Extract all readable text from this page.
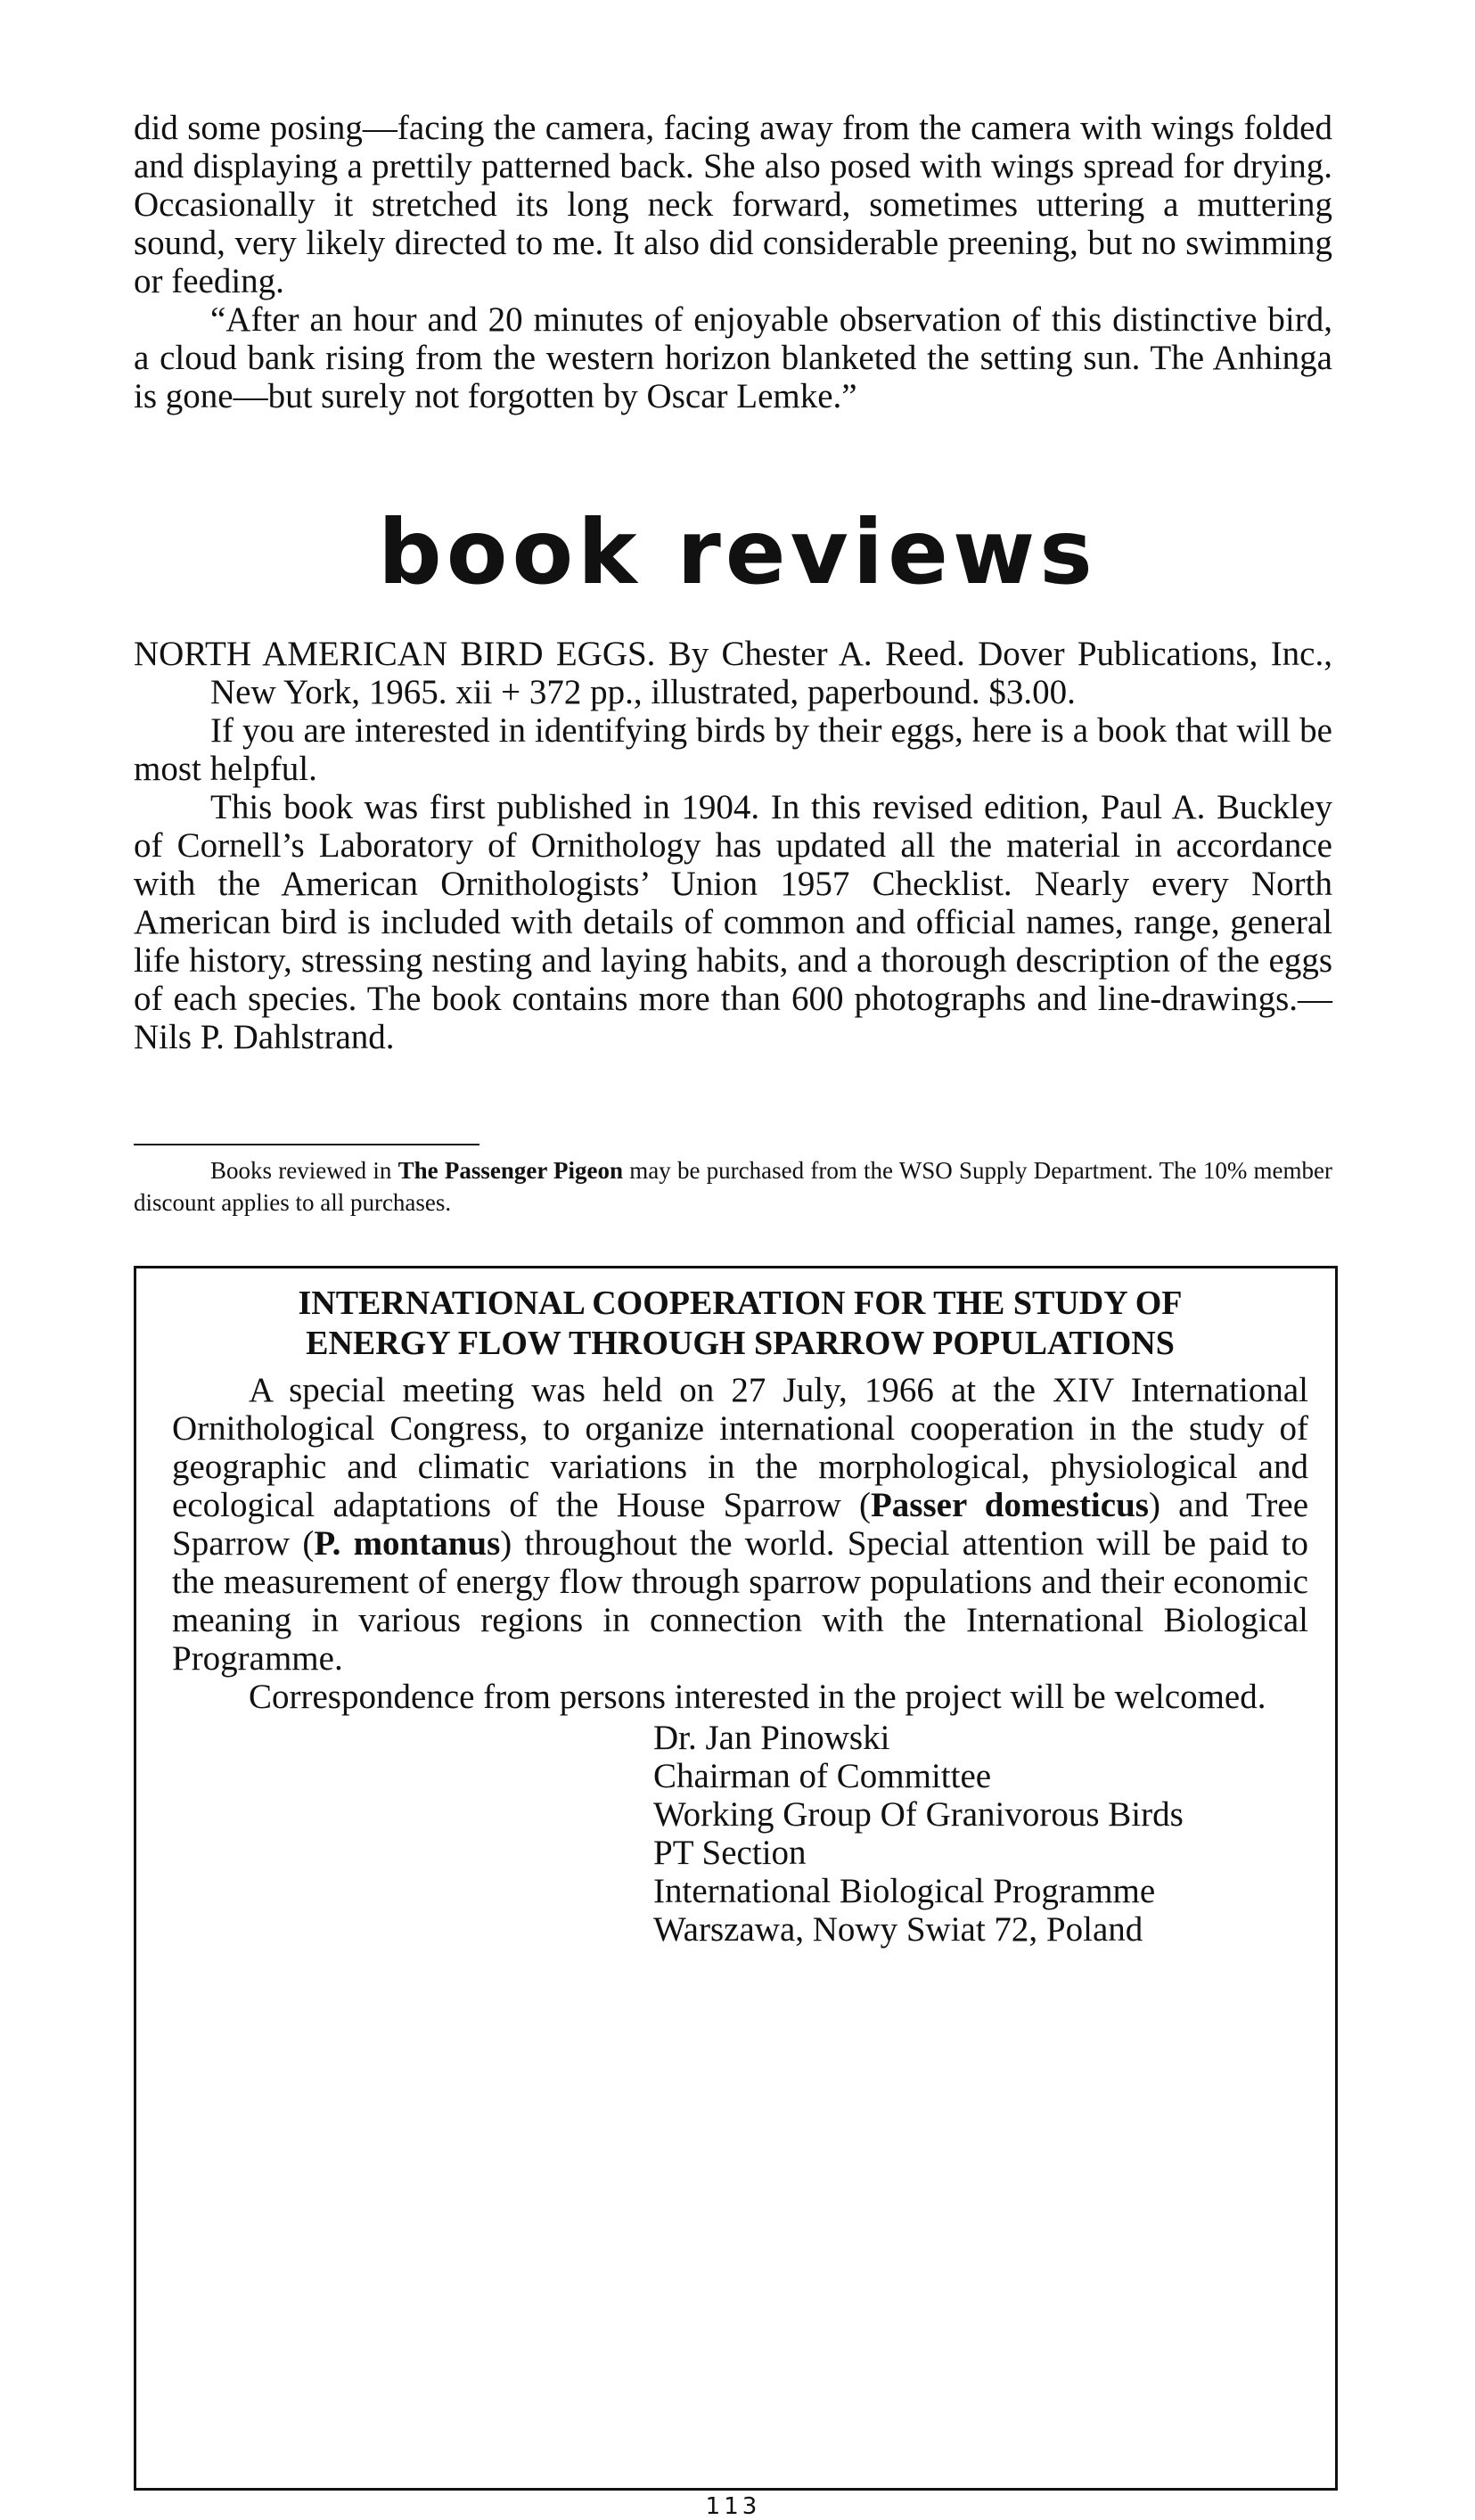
did some posing—facing the camera, facing away from the camera with wings folded and displaying a prettily patterned back. She also posed with wings spread for drying. Occasionally it stretched its long neck forward, sometimes uttering a muttering sound, very likely directed to me. It also did considerable preening, but no swimming or feeding.

“After an hour and 20 minutes of enjoyable observation of this distinctive bird, a cloud bank rising from the western horizon blanketed the setting sun. The Anhinga is gone—but surely not forgotten by Oscar Lemke.”

book reviews

NORTH AMERICAN BIRD EGGS. By Chester A. Reed. Dover Publications, Inc., New York, 1965. xii + 372 pp., illustrated, paperbound. $3.00.

If you are interested in identifying birds by their eggs, here is a book that will be most helpful.

This book was first published in 1904. In this revised edition, Paul A. Buckley of Cornell’s Laboratory of Ornithology has updated all the material in accordance with the American Ornithologists’ Union 1957 Checklist. Nearly every North American bird is included with details of common and official names, range, general life history, stressing nesting and laying habits, and a thorough description of the eggs of each species. The book contains more than 600 photographs and line-drawings.—Nils P. Dahlstrand.

Books reviewed in The Passenger Pigeon may be purchased from the WSO Supply Department. The 10% member discount applies to all purchases.

INTERNATIONAL COOPERATION FOR THE STUDY OF
ENERGY FLOW THROUGH SPARROW POPULATIONS

A special meeting was held on 27 July, 1966 at the XIV International Ornithological Congress, to organize international cooperation in the study of geographic and climatic variations in the morphological, physiological and ecological adaptations of the House Sparrow (Passer domesticus) and Tree Sparrow (P. montanus) throughout the world. Special attention will be paid to the measurement of energy flow through sparrow populations and their economic meaning in various regions in connection with the International Biological Programme.

Correspondence from persons interested in the project will be welcomed.

Dr. Jan Pinowski
Chairman of Committee
Working Group Of Granivorous Birds
PT Section
International Biological Programme
Warszawa, Nowy Swiat 72, Poland
113
